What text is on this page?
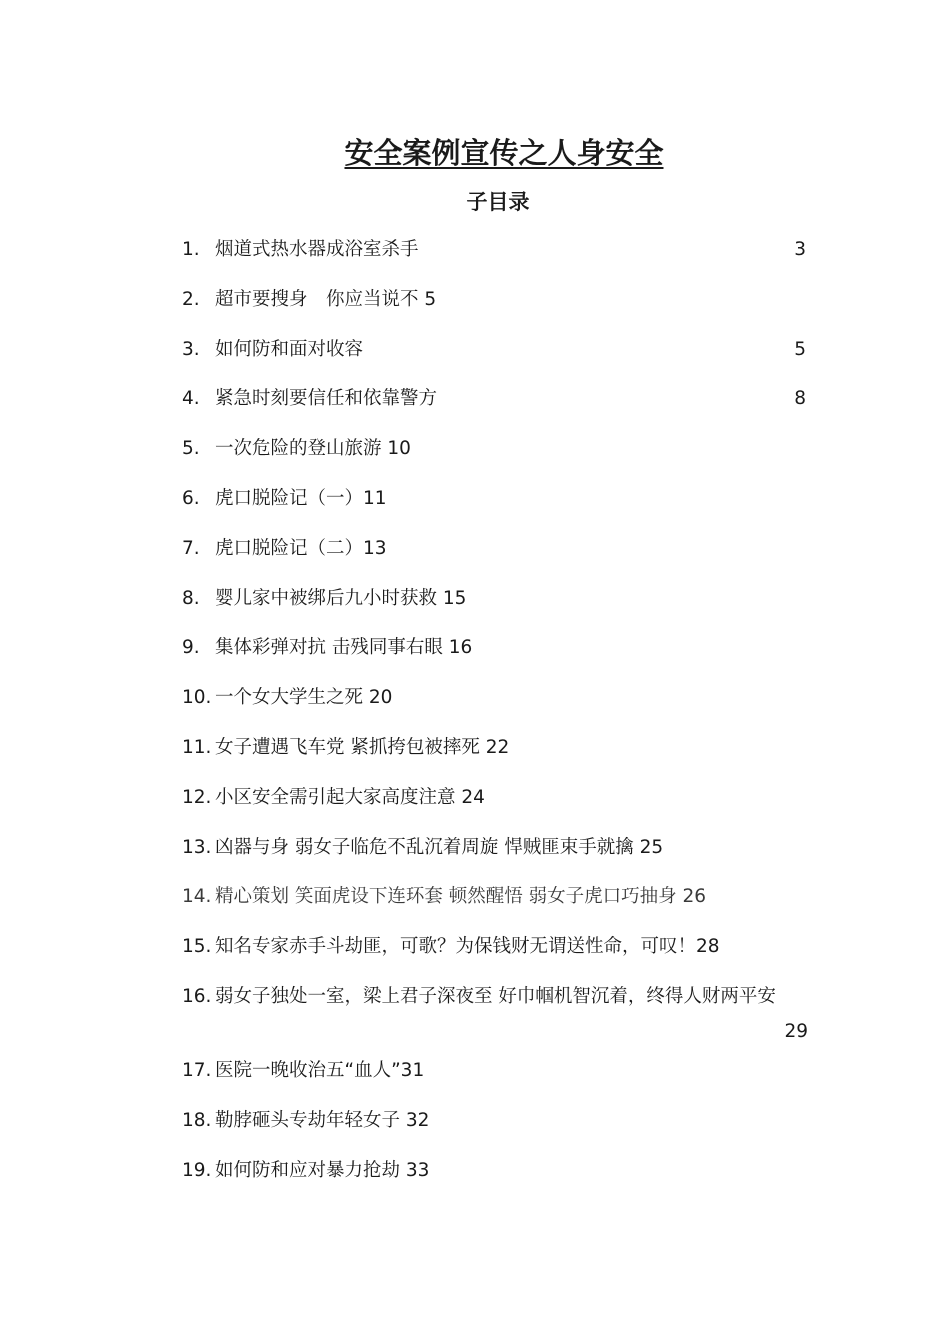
安全案例宣传之人身安全
子目录
1. 烟道式热水器成浴室杀手	3
2. 超市要搜身　你应当说不 5
3. 如何防和面对收容	5
4. 紧急时刻要信任和依靠警方	8
5. 一次危险的登山旅游 10
6. 虎口脱险记（一）11
7. 虎口脱险记（二）13
8. 婴儿家中被绑后九小时获救 15
9. 集体彩弹对抗 击残同事右眼 16
10. 一个女大学生之死 20
11. 女子遭遇飞车党 紧抓挎包被摔死 22
12. 小区安全需引起大家高度注意 24
13. 凶器与身 弱女子临危不乱沉着周旋 悍贼匪束手就擒 25
14. 精心策划 笑面虎设下连环套 顿然醒悟 弱女子虎口巧抽身 26
15. 知名专家赤手斗劫匪，可歌？为保钱财无谓送性命，可叹！28
16. 弱女子独处一室，梁上君子深夜至 好巾帼机智沉着，终得人财两平安
29
17. 医院一晚收治五“血人”31
18. 勒脖砸头专劫年轻女子 32
19. 如何防和应对暴力抢劫 33
